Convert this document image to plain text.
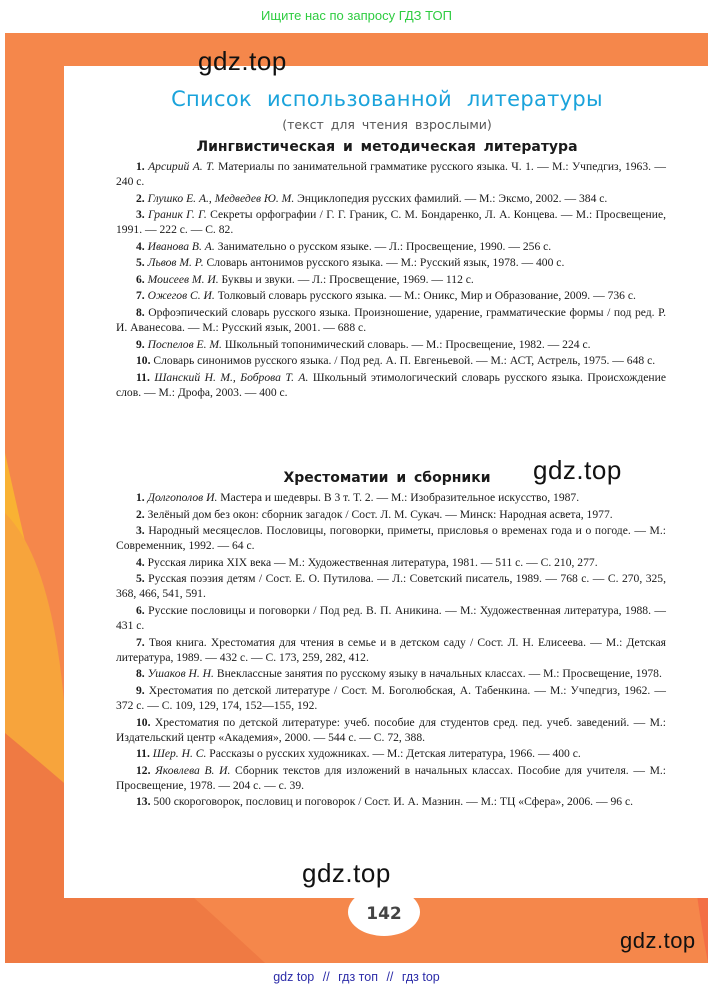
Ищите нас по запросу ГДЗ ТОП
gdz.top
gdz.top
gdz.top
gdz.top
Список использованной литературы
(текст для чтения взрослыми)
Лингвистическая и методическая литература
1. Арсирий А. Т. Материалы по занимательной грамматике русского языка. Ч. 1. — М.: Учпедгиз, 1963. — 240 с.
2. Глушко Е. А., Медведев Ю. М. Энциклопедия русских фамилий. — М.: Эксмо, 2002. — 384 с.
3. Граник Г. Г. Секреты орфографии / Г. Г. Граник, С. М. Бондаренко, Л. А. Концева. — М.: Просвещение, 1991. — 222 с. — С. 82.
4. Иванова В. А. Занимательно о русском языке. — Л.: Просвещение, 1990. — 256 с.
5. Львов М. Р. Словарь антонимов русского языка. — М.: Русский язык, 1978. — 400 с.
6. Моисеев М. И. Буквы и звуки. — Л.: Просвещение, 1969. — 112 с.
7. Ожегов С. И. Толковый словарь русского языка. — М.: Оникс, Мир и Образование, 2009. — 736 с.
8. Орфоэпический словарь русского языка. Произношение, ударение, грамматические формы / под ред. Р. И. Аванесова. — М.: Русский язык, 2001. — 688 с.
9. Поспелов Е. М. Школьный топонимический словарь. — М.: Просвещение, 1982. — 224 с.
10. Словарь синонимов русского языка. / Под ред. А. П. Евгеньевой. — М.: АСТ, Астрель, 1975. — 648 с.
11. Шанский Н. М., Боброва Т. А. Школьный этимологический словарь русского языка. Происхождение слов. — М.: Дрофа, 2003. — 400 с.
Хрестоматии и сборники
1. Долгополов И. Мастера и шедевры. В 3 т. Т. 2. — М.: Изобразительное искусство, 1987.
2. Зелёный дом без окон: сборник загадок / Сост. Л. М. Сукач. — Минск: Народная асвета, 1977.
3. Народный месяцеслов. Пословицы, поговорки, приметы, присловья о временах года и о погоде. — М.: Современник, 1992. — 64 с.
4. Русская лирика XIX века — М.: Художественная литература, 1981. — 511 с. — С. 210, 277.
5. Русская поэзия детям / Сост. Е. О. Путилова. — Л.: Советский писатель, 1989. — 768 с. — С. 270, 325, 368, 466, 541, 591.
6. Русские пословицы и поговорки / Под ред. В. П. Аникина. — М.: Художественная литература, 1988. — 431 с.
7. Твоя книга. Хрестоматия для чтения в семье и в детском саду / Сост. Л. Н. Елисеева. — М.: Детская литература, 1989. — 432 с. — С. 173, 259, 282, 412.
8. Ушаков Н. Н. Внеклассные занятия по русскому языку в начальных классах. — М.: Просвещение, 1978.
9. Хрестоматия по детской литературе / Сост. М. Боголюбская, А. Табенкина. — М.: Учпедгиз, 1962. — 372 с. — С. 109, 129, 174, 152—155, 192.
10. Хрестоматия по детской литературе: учеб. пособие для студентов сред. пед. учеб. заведений. — М.: Издательский центр «Академия», 2000. — 544 с. — С. 72, 388.
11. Шер. Н. С. Рассказы о русских художниках. — М.: Детская литература, 1966. — 400 с.
12. Яковлева В. И. Сборник текстов для изложений в начальных классах. Пособие для учителя. — М.: Просвещение, 1978. — 204 с. — с. 39.
13. 500 скороговорок, пословиц и поговорок / Сост. И. А. Мазнин. — М.: ТЦ «Сфера», 2006. — 96 с.
142
gdz top // гдз топ // гдз top
